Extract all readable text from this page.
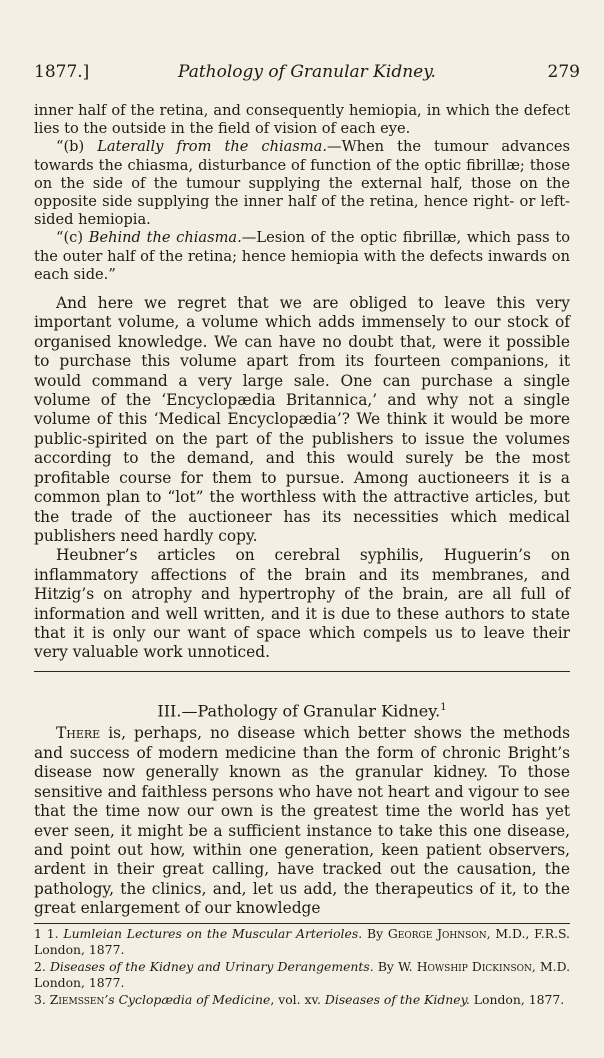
1877.]	Pathology of Granular Kidney.	279

inner half of the retina, and consequently hemiopia, in which the defect lies to the outside in the field of vision of each eye.

“(b) Laterally from the chiasma.—When the tumour advances towards the chiasma, disturbance of function of the optic fibrillæ; those on the side of the tumour supplying the external half, those on the opposite side supplying the inner half of the retina, hence right- or left-sided hemiopia.

“(c) Behind the chiasma.—Lesion of the optic fibrillæ, which pass to the outer half of the retina; hence hemiopia with the defects inwards on each side.”

And here we regret that we are obliged to leave this very important volume, a volume which adds immensely to our stock of organised knowledge. We can have no doubt that, were it possible to purchase this volume apart from its fourteen companions, it would command a very large sale. One can purchase a single volume of the ‘Encyclopædia Britannica,’ and why not a single volume of this ‘Medical Encyclopædia’? We think it would be more public-spirited on the part of the publishers to issue the volumes according to the demand, and this would surely be the most profitable course for them to pursue. Among auctioneers it is a common plan to “lot” the worthless with the attractive articles, but the trade of the auctioneer has its necessities which medical publishers need hardly copy.

Heubner’s articles on cerebral syphilis, Huguerin’s on inflammatory affections of the brain and its membranes, and Hitzig’s on atrophy and hypertrophy of the brain, are all full of information and well written, and it is due to these authors to state that it is only our want of space which compels us to leave their very valuable work unnoticed.

III.—Pathology of Granular Kidney.$^1$

There is, perhaps, no disease which better shows the methods and success of modern medicine than the form of chronic Bright’s disease now generally known as the granular kidney. To those sensitive and faithless persons who have not heart and vigour to see that the time now our own is the greatest time the world has yet ever seen, it might be a sufficient instance to take this one disease, and point out how, within one generation, keen patient observers, ardent in their great calling, have tracked out the causation, the pathology, the clinics, and, let us add, the therapeutics of it, to the great enlargement of our knowledge

1 1. Lumleian Lectures on the Muscular Arterioles. By George Johnson, M.D., F.R.S. London, 1877.

2. Diseases of the Kidney and Urinary Derangements. By W. Howship Dickinson, M.D. London, 1877.

3. Ziemssen’s Cyclopædia of Medicine, vol. xv. Diseases of the Kidney. London, 1877.
